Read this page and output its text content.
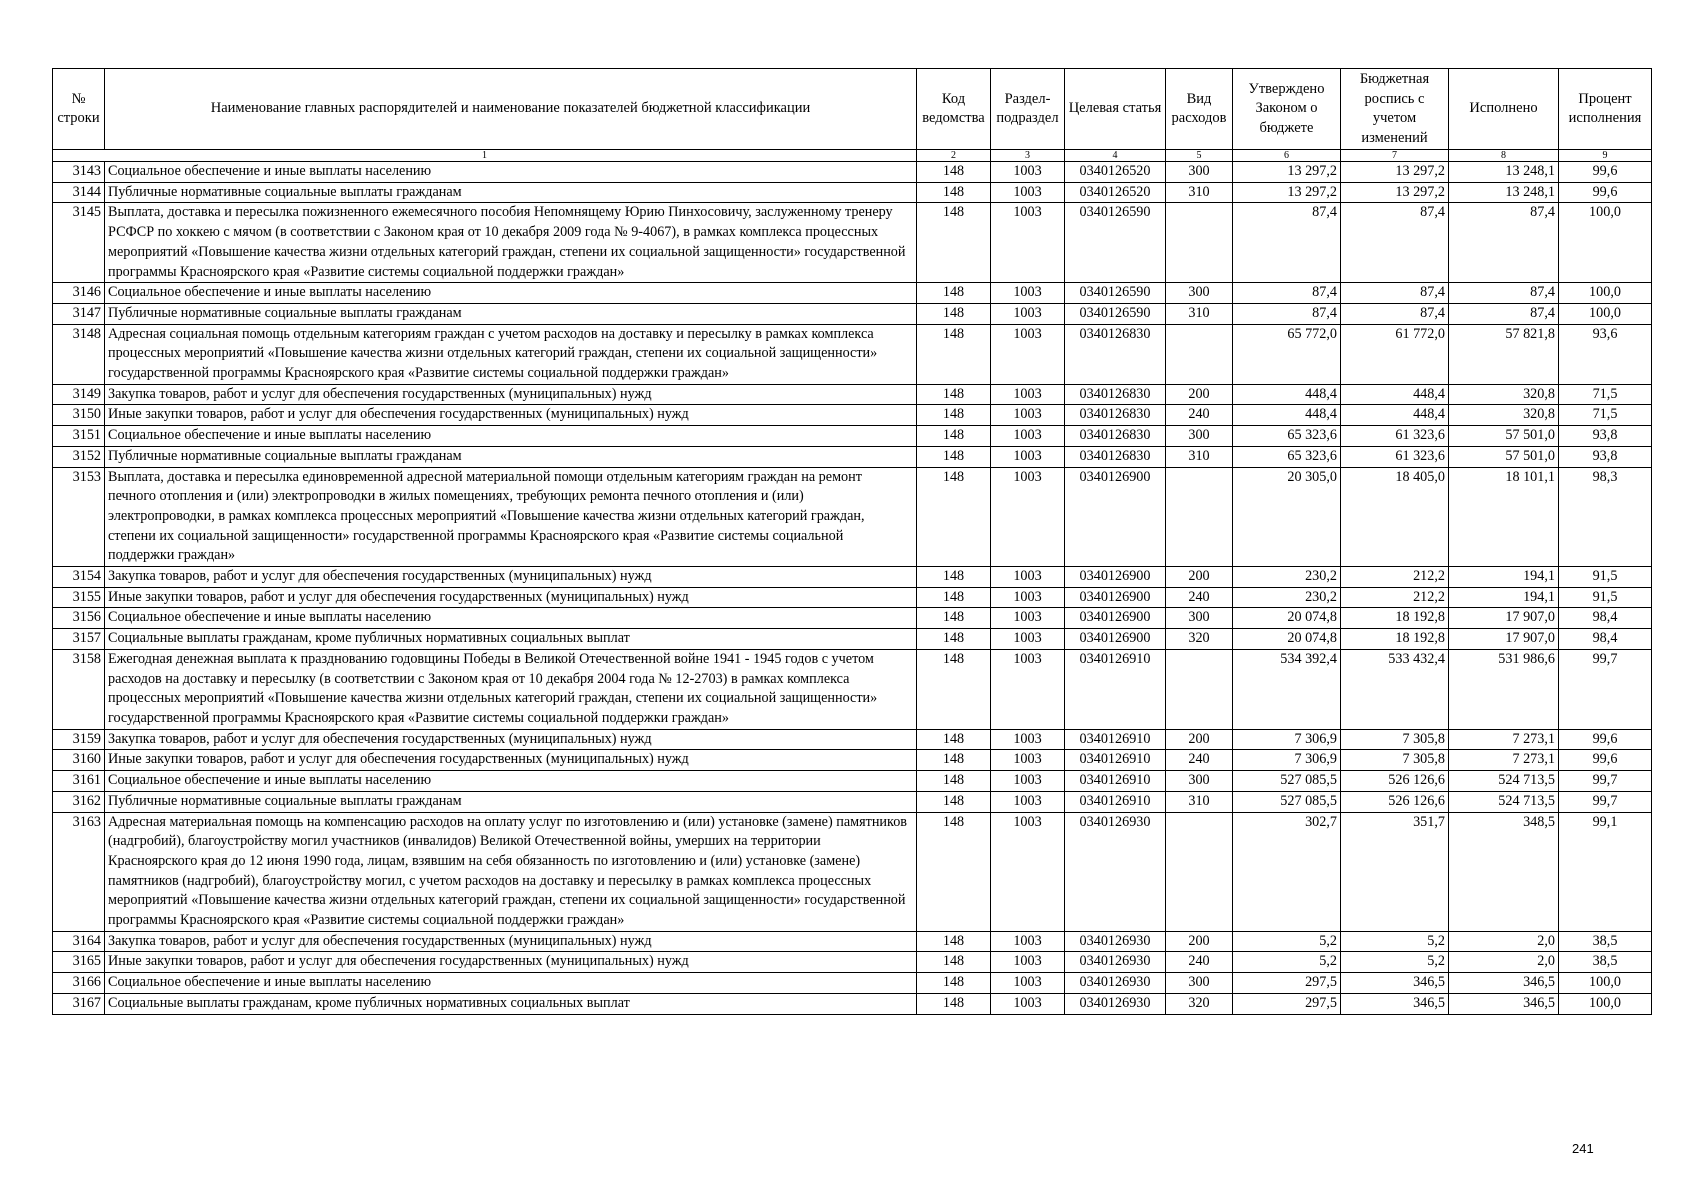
№ строки	Наименование главных распорядителей и наименование показателей бюджетной классификации	Код ведомства	Раздел-подраздел	Целевая статья	Вид расходов	Утверждено Законом о бюджете	Бюджетная роспись с учетом изменений	Исполнено	Процент исполнения
1		2	3	4	5	6	7	8	9
3143	Социальное обеспечение и иные выплаты населению	148	1003	0340126520	300	13 297,2	13 297,2	13 248,1	99,6
3144	Публичные нормативные социальные выплаты гражданам	148	1003	0340126520	310	13 297,2	13 297,2	13 248,1	99,6
3145	Выплата, доставка и пересылка пожизненного ежемесячного пособия Непомнящему Юрию Пинхосовичу, заслуженному тренеру РСФСР по хоккею с мячом (в соответствии с Законом края от 10 декабря 2009 года № 9-4067), в рамках комплекса процессных мероприятий «Повышение качества жизни отдельных категорий граждан, степени их социальной защищенности» государственной программы Красноярского края «Развитие системы социальной поддержки граждан»	148	1003	0340126590		87,4	87,4	87,4	100,0
3146	Социальное обеспечение и иные выплаты населению	148	1003	0340126590	300	87,4	87,4	87,4	100,0
3147	Публичные нормативные социальные выплаты гражданам	148	1003	0340126590	310	87,4	87,4	87,4	100,0
3148	Адресная социальная помощь отдельным категориям граждан с учетом расходов на доставку и пересылку в рамках комплекса процессных мероприятий «Повышение качества жизни отдельных категорий граждан, степени их социальной защищенности» государственной программы Красноярского края «Развитие системы социальной поддержки граждан»	148	1003	0340126830		65 772,0	61 772,0	57 821,8	93,6
3149	Закупка товаров, работ и услуг для обеспечения государственных (муниципальных) нужд	148	1003	0340126830	200	448,4	448,4	320,8	71,5
3150	Иные закупки товаров, работ и услуг для обеспечения государственных (муниципальных) нужд	148	1003	0340126830	240	448,4	448,4	320,8	71,5
3151	Социальное обеспечение и иные выплаты населению	148	1003	0340126830	300	65 323,6	61 323,6	57 501,0	93,8
3152	Публичные нормативные социальные выплаты гражданам	148	1003	0340126830	310	65 323,6	61 323,6	57 501,0	93,8
3153	Выплата, доставка и пересылка единовременной адресной материальной помощи отдельным категориям граждан на ремонт печного отопления и (или) электропроводки в жилых помещениях, требующих ремонта печного отопления и (или) электропроводки, в рамках комплекса процессных мероприятий «Повышение качества жизни отдельных категорий граждан, степени их социальной защищенности» государственной программы Красноярского края «Развитие системы социальной поддержки граждан»	148	1003	0340126900		20 305,0	18 405,0	18 101,1	98,3
3154	Закупка товаров, работ и услуг для обеспечения государственных (муниципальных) нужд	148	1003	0340126900	200	230,2	212,2	194,1	91,5
3155	Иные закупки товаров, работ и услуг для обеспечения государственных (муниципальных) нужд	148	1003	0340126900	240	230,2	212,2	194,1	91,5
3156	Социальное обеспечение и иные выплаты населению	148	1003	0340126900	300	20 074,8	18 192,8	17 907,0	98,4
3157	Социальные выплаты гражданам, кроме публичных нормативных социальных выплат	148	1003	0340126900	320	20 074,8	18 192,8	17 907,0	98,4
3158	Ежегодная денежная выплата к празднованию годовщины Победы в Великой Отечественной войне 1941 - 1945 годов с учетом расходов на доставку и пересылку (в соответствии с Законом края от 10 декабря 2004 года № 12-2703) в рамках комплекса процессных мероприятий «Повышение качества жизни отдельных категорий граждан, степени их социальной защищенности» государственной программы Красноярского края «Развитие системы социальной поддержки граждан»	148	1003	0340126910		534 392,4	533 432,4	531 986,6	99,7
3159	Закупка товаров, работ и услуг для обеспечения государственных (муниципальных) нужд	148	1003	0340126910	200	7 306,9	7 305,8	7 273,1	99,6
3160	Иные закупки товаров, работ и услуг для обеспечения государственных (муниципальных) нужд	148	1003	0340126910	240	7 306,9	7 305,8	7 273,1	99,6
3161	Социальное обеспечение и иные выплаты населению	148	1003	0340126910	300	527 085,5	526 126,6	524 713,5	99,7
3162	Публичные нормативные социальные выплаты гражданам	148	1003	0340126910	310	527 085,5	526 126,6	524 713,5	99,7
3163	Адресная материальная помощь на компенсацию расходов на оплату услуг по изготовлению и (или) установке (замене) памятников (надгробий), благоустройству могил участников (инвалидов) Великой Отечественной войны, умерших на территории Красноярского края до 12 июня 1990 года, лицам, взявшим на себя обязанность по изготовлению и (или) установке (замене) памятников (надгробий), благоустройству могил, с учетом расходов на доставку и пересылку в рамках комплекса процессных мероприятий «Повышение качества жизни отдельных категорий граждан, степени их социальной защищенности» государственной программы Красноярского края «Развитие системы социальной поддержки граждан»	148	1003	0340126930		302,7	351,7	348,5	99,1
3164	Закупка товаров, работ и услуг для обеспечения государственных (муниципальных) нужд	148	1003	0340126930	200	5,2	5,2	2,0	38,5
3165	Иные закупки товаров, работ и услуг для обеспечения государственных (муниципальных) нужд	148	1003	0340126930	240	5,2	5,2	2,0	38,5
3166	Социальное обеспечение и иные выплаты населению	148	1003	0340126930	300	297,5	346,5	346,5	100,0
3167	Социальные выплаты гражданам, кроме публичных нормативных социальных выплат	148	1003	0340126930	320	297,5	346,5	346,5	100,0
241
